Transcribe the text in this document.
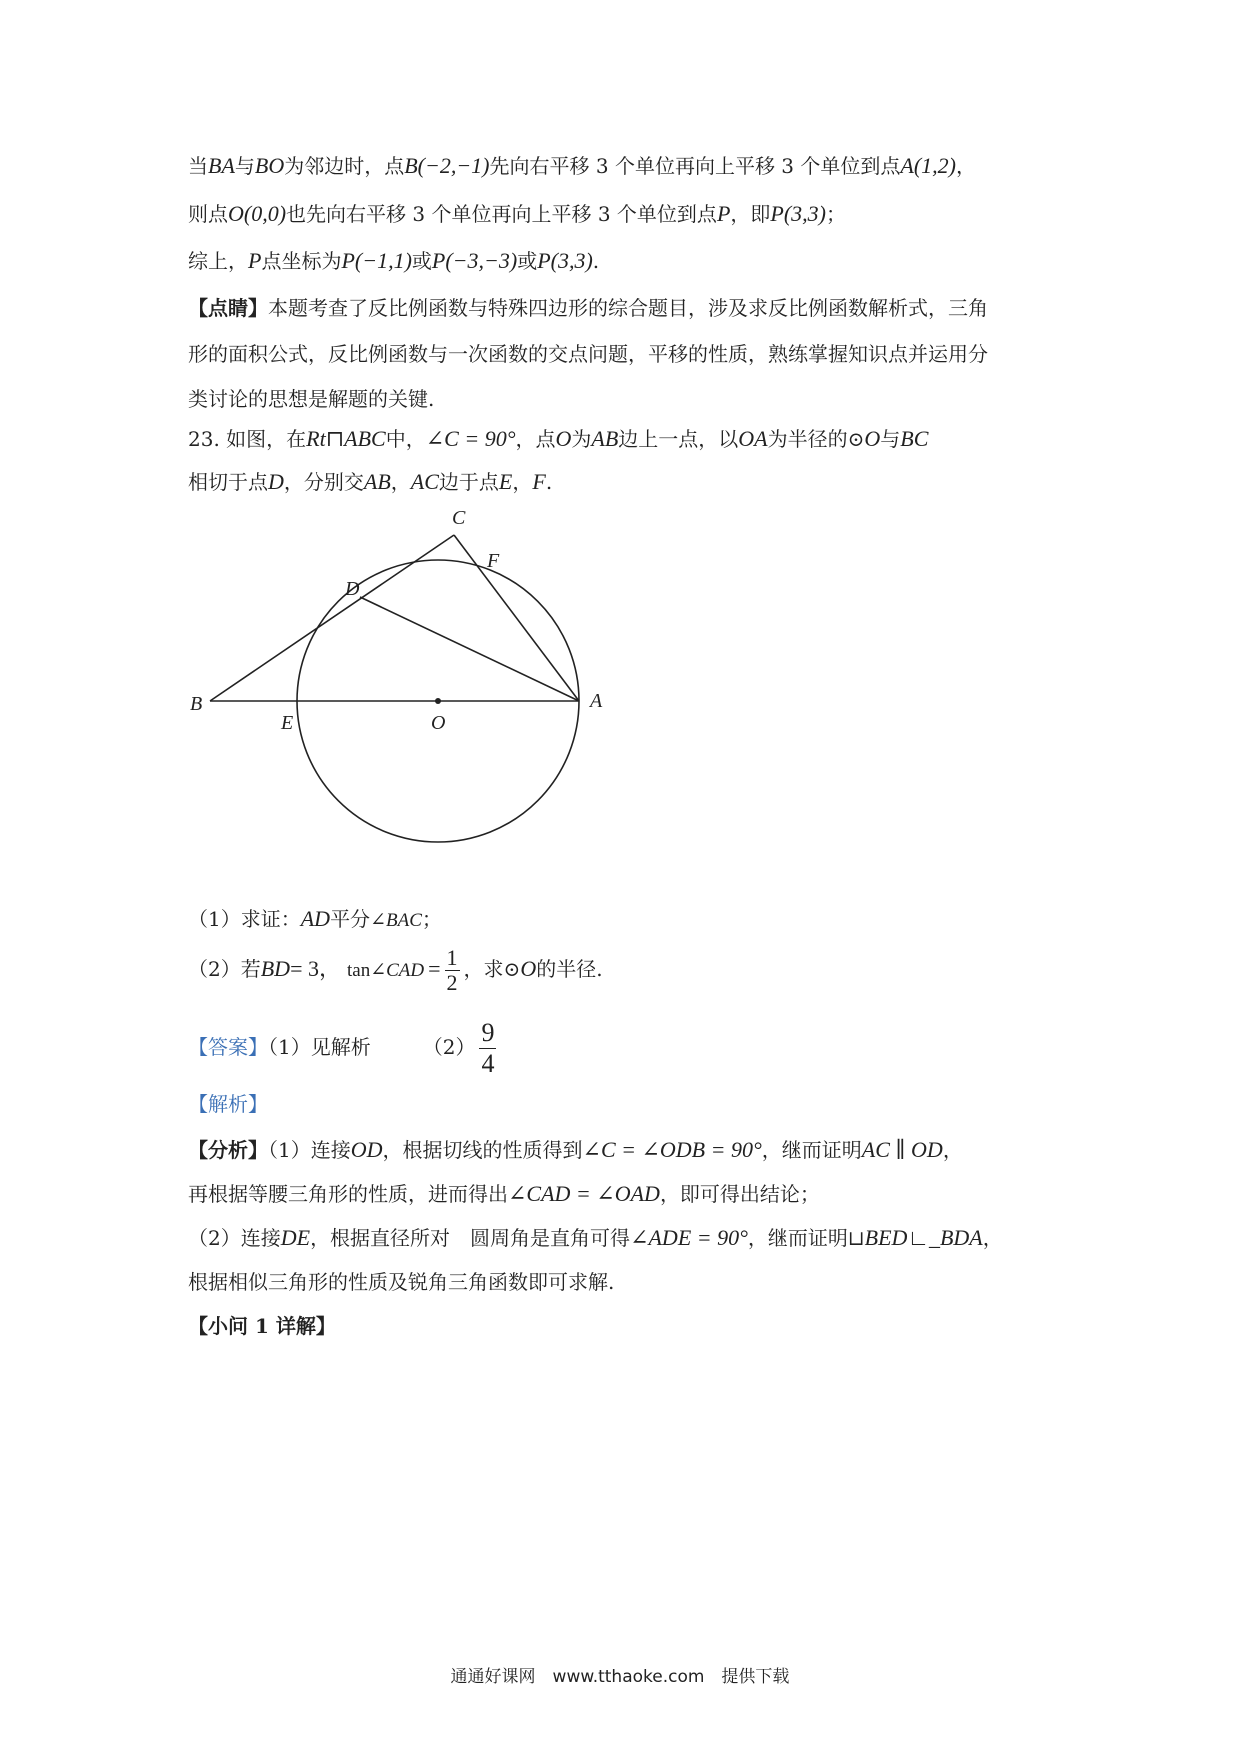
当BA与BO为邻边时，点B(−2,−1)先向右平移 3 个单位再向上平移 3 个单位到点A(1,2)，
则点O(0,0)也先向右平移 3 个单位再向上平移 3 个单位到点P，即P(3,3)；
综上，P点坐标为P(−1,1)或P(−3,−3)或P(3,3).
【点睛】本题考查了反比例函数与特殊四边形的综合题目，涉及求反比例函数解析式，三角
形的面积公式，反比例函数与一次函数的交点问题，平移的性质，熟练掌握知识点并运用分
类讨论的思想是解题的关键.
23. 如图，在Rt⊓ABC中，∠C = 90°，点O为AB边上一点，以OA为半径的⊙O与BC
相切于点D，分别交AB，AC边于点E，F.
C
F
D
B
E	O
A
（1）求证：AD平分∠BAC；
（2）若BD= 3， tan∠CAD = $\frac{1}{2}$ ，求⊙O的半径.
【答案】（1）见解析	$(2) \frac{9}{4}$
【解析】
【分析】（1）连接OD，根据切线的性质得到∠C = ∠ODB = 90°，继而证明AC ∥ OD，
再根据等腰三角形的性质，进而得出∠CAD = ∠OAD，即可得出结论；
（2）连接DE，根据直径所对　圆周角是直角可得∠ADE = 90°，继而证明⊔BED∟_BDA，
根据相似三角形的性质及锐角三角函数即可求解.
【小问 1 详解】
通通好课网　www.tthaoke.com　提供下载
